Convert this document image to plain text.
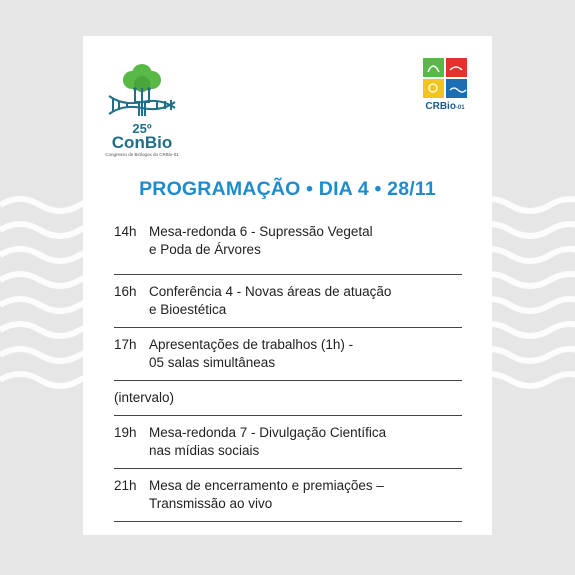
25º
ConBio
Congresso de Biólogos do CRBio-01
CRBio-01
PROGRAMAÇÃO • DIA 4 • 28/11
14h Mesa-redonda 6 - Supressão Vegetal
e Poda de Árvores
16h Conferência 4 - Novas áreas de atuação
e Bioestética
17h Apresentações de trabalhos (1h) -
05 salas simultâneas
(intervalo)
19h Mesa-redonda 7 - Divulgação Científica
nas mídias sociais
21h Mesa de encerramento e premiações –
Transmissão ao vivo
